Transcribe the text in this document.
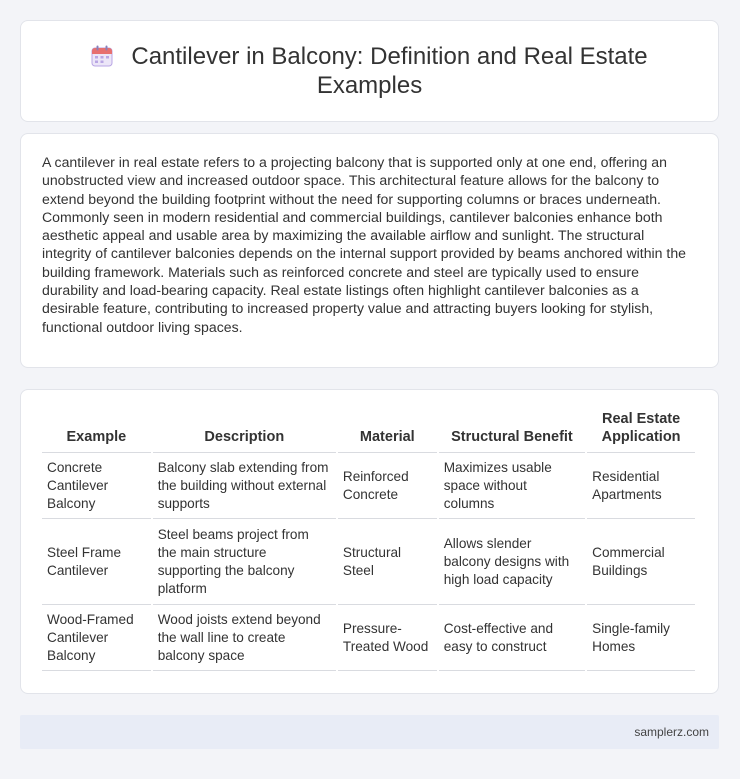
Cantilever in Balcony: Definition and Real Estate Examples

A cantilever in real estate refers to a projecting balcony that is supported only at one end, offering an unobstructed view and increased outdoor space. This architectural feature allows for the balcony to extend beyond the building footprint without the need for supporting columns or braces underneath. Commonly seen in modern residential and commercial buildings, cantilever balconies enhance both aesthetic appeal and usable area by maximizing the available airflow and sunlight. The structural integrity of cantilever balconies depends on the internal support provided by beams anchored within the building framework. Materials such as reinforced concrete and steel are typically used to ensure durability and load-bearing capacity. Real estate listings often highlight cantilever balconies as a desirable feature, contributing to increased property value and attracting buyers looking for stylish, functional outdoor living spaces.

Example	Description	Material	Structural Benefit	Real Estate Application
Concrete Cantilever Balcony	Balcony slab extending from the building without external supports	Reinforced Concrete	Maximizes usable space without columns	Residential Apartments
Steel Frame Cantilever	Steel beams project from the main structure supporting the balcony platform	Structural Steel	Allows slender balcony designs with high load capacity	Commercial Buildings
Wood-Framed Cantilever Balcony	Wood joists extend beyond the wall line to create balcony space	Pressure-Treated Wood	Cost-effective and easy to construct	Single-family Homes
samplerz.com
